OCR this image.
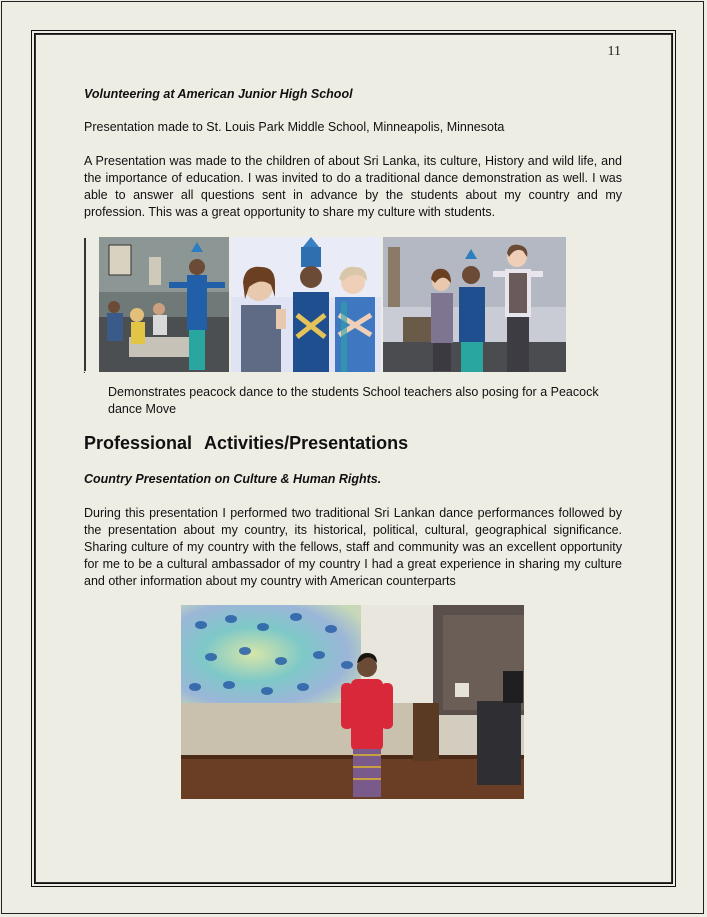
11
Volunteering at American Junior High School
Presentation made to St. Louis Park Middle School, Minneapolis, Minnesota
A Presentation was made to the children of about Sri Lanka, its culture, History and wild life, and the importance of education. I was invited to do a traditional dance demonstration as well. I was able to answer all questions sent in advance by the students about my country and my profession. This was a great opportunity to share my culture with students.
.
Demonstrates peacock dance to the students School teachers also posing for a Peacock dance Move
Professional Activities/Presentations
Country Presentation on Culture & Human Rights.
During this presentation I performed two traditional Sri Lankan dance performances followed by the presentation about my country, its historical, political, cultural, geographical significance. Sharing culture of my country with the fellows, staff and community was an excellent opportunity for me to be a cultural ambassador of my country I had a great experience in sharing my culture and other information about my country with American counterparts
